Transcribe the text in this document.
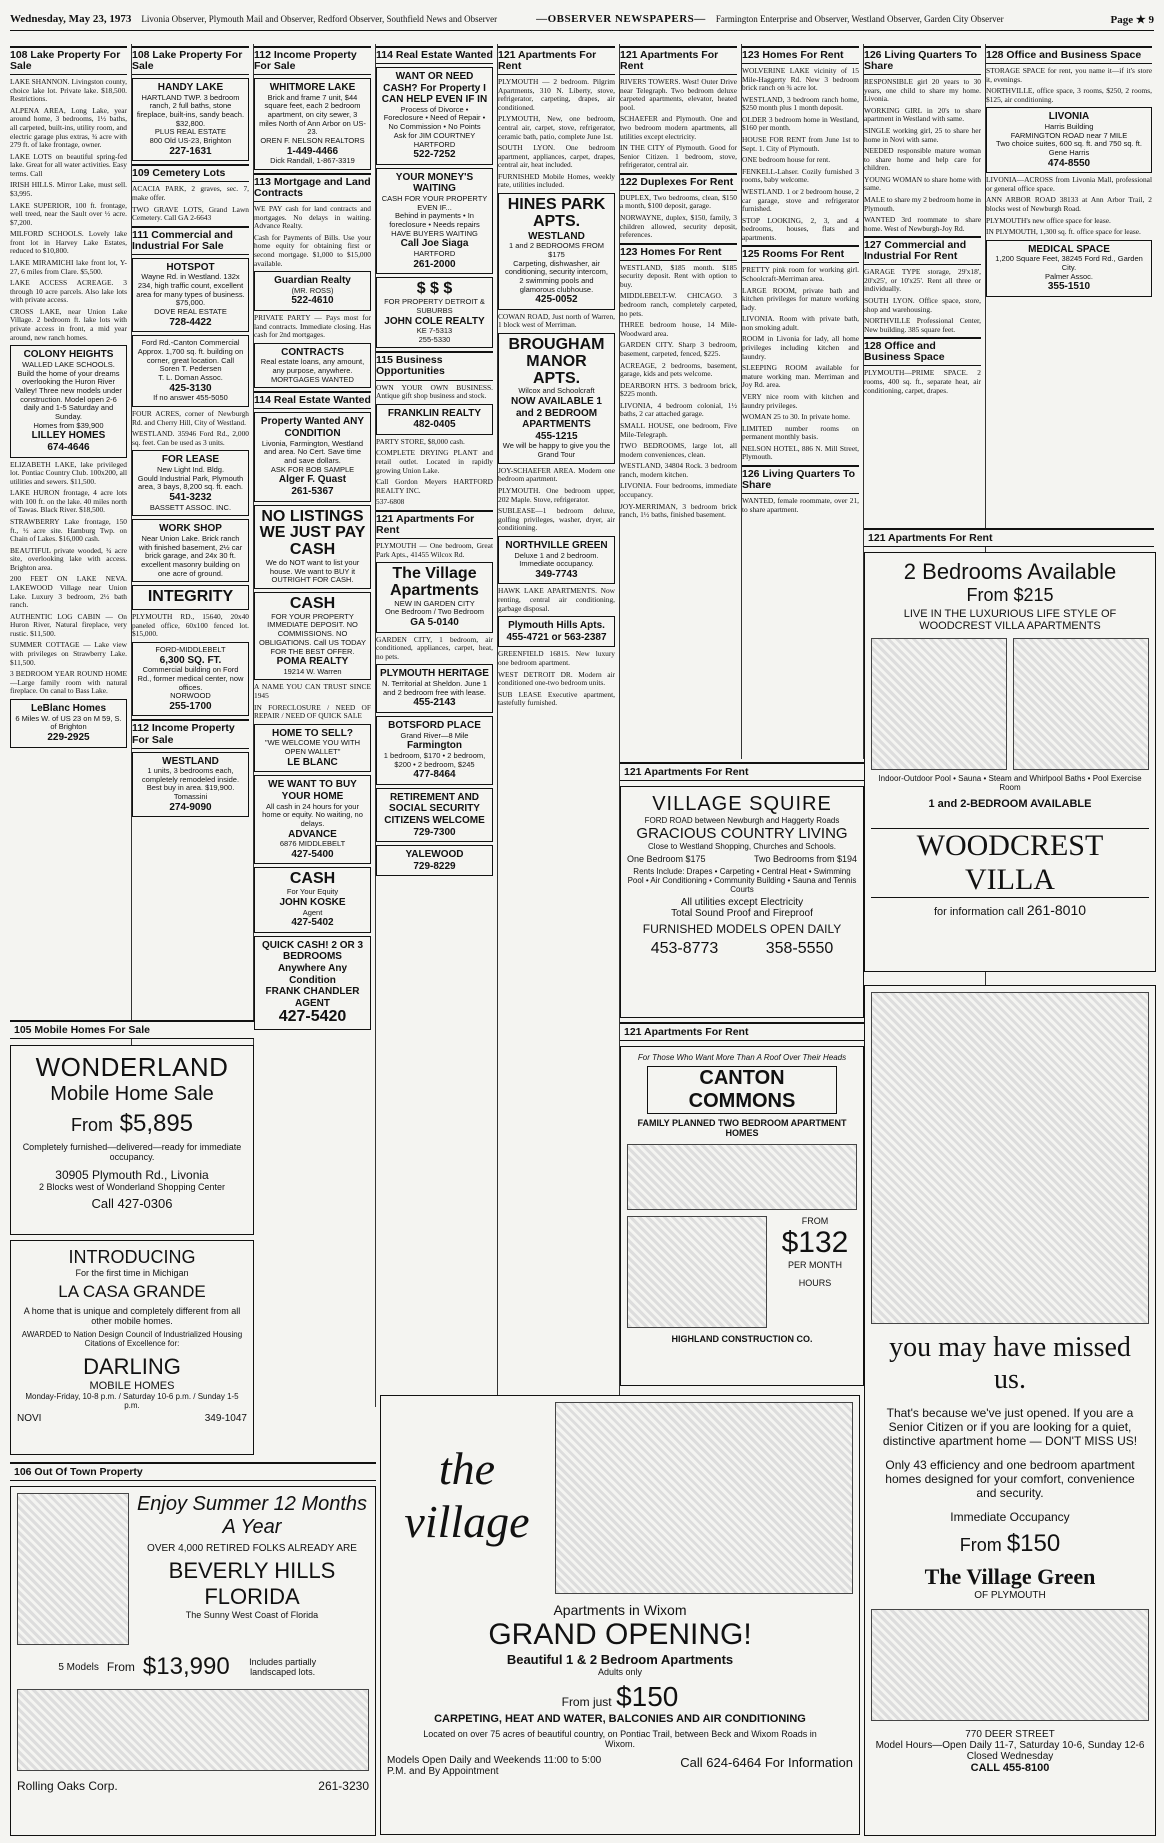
Wednesday, May 23, 1973 Livonia Observer, Plymouth Mail and Observer, Redford Observer, Southfield News and Observer	—OBSERVER NEWSPAPERS— Farmington Enterprise and Observer, Westland Observer, Garden City Observer	Page ★ 9
108 Lake Property For Sale

LAKE SHANNON. Livingston county, choice lake lot. Private lake. $18,500. Restrictions.

ALPENA AREA, Long Lake, year around home, 3 bedrooms, 1½ baths, all carpeted, built-ins, utility room, and electric garage plus extras, ¾ acre with 279 ft. of lake frontage, owner.

LAKE LOTS on beautiful spring-fed lake. Great for all water activities. Easy terms. Call

IRISH HILLS. Mirror Lake, must sell. $3,995.

LAKE SUPERIOR, 100 ft. frontage, well treed, near the Sault over ½ acre. $7,200.

MILFORD SCHOOLS. Lovely lake front lot in Harvey Lake Estates, reduced to $10,800.

LAKE MIRAMICHI lake front lot, Y-27, 6 miles from Clare. $5,500.

LAKE ACCESS ACREAGE. 3 through 10 acre parcels. Also lake lots with private access.

CROSS LAKE, near Union Lake Village. 2 bedroom ft. lake lots with private access in front, a mid year around, new ranch homes.

COLONY HEIGHTS
WALLED LAKE SCHOOLS. Build the home of your dreams overlooking the Huron River Valley! Three new models under construction. Model open 2-6 daily and 1-5 Saturday and Sunday.
Homes from $39,900
LILLEY HOMES
674-4646

ELIZABETH LAKE, lake privileged lot. Pontiac Country Club. 100x200, all utilities and sewers. $11,500.

LAKE HURON frontage, 4 acre lots with 100 ft. on the lake. 40 miles north of Tawas. Black River. $18,500.

STRAWBERRY Lake frontage, 150 ft., ½ acre site. Hamburg Twp. on Chain of Lakes. $16,000 cash.

BEAUTIFUL private wooded, ¾ acre site, overlooking lake with access. Brighton area.

200 FEET ON LAKE NEVA. LAKEWOOD Village near Union Lake. Luxury 3 bedroom, 2½ bath ranch.

AUTHENTIC LOG CABIN — On Huron River, Natural fireplace, very rustic. $11,500.

SUMMER COTTAGE — Lake view with privileges on Strawberry Lake. $11,500.

3 BEDROOM YEAR ROUND HOME—Large family room with natural fireplace. On canal to Bass Lake.

LeBlanc Homes
6 Miles W. of US 23 on M 59, S. of Brighton
229-2925
108 Lake Property For Sale
HANDY LAKE
HARTLAND TWP. 3 bedroom ranch, 2 full baths, stone fireplace, built-ins, sandy beach. $32,800.
PLUS REAL ESTATE
800 Old US-23, Brighton
227-1631
109 Cemetery Lots

ACACIA PARK, 2 graves, sec. 7, make offer.

TWO GRAVE LOTS, Grand Lawn Cemetery. Call GA 2-6643

111 Commercial and Industrial For Sale
HOTSPOT
Wayne Rd. in Westland. 132x 234, high traffic count, excellent area for many types of business. $75,000.
DOVE REAL ESTATE
728-4422
Ford Rd.-Canton Commercial
Approx. 1,700 sq. ft. building on corner, great location. Call
Soren T. Pedersen
T. L. Doman Assoc.
425-3130
If no answer 455-5050

FOUR ACRES, corner of Newburgh Rd. and Cherry Hill, City of Westland.

WESTLAND. 35946 Ford Rd., 2,000 sq. feet. Can be used as 3 units.

FOR LEASE
New Light Ind. Bldg.
Gould Industrial Park, Plymouth area, 3 bays, 8,200 sq. ft. each.
541-3232
BASSETT ASSOC. INC.
WORK SHOP
Near Union Lake. Brick ranch with finished basement, 2½ car brick garage, and 24x 30 ft. excellent masonry building on one acre of ground.
INTEGRITY

PLYMOUTH RD., 15640, 20x40 paneled office, 60x100 fenced lot. $15,000.

FORD-MIDDLEBELT
6,300 SQ. FT.
Commercial building on Ford Rd., former medical center, now offices.
NORWOOD
255-1700
112 Income Property For Sale
WESTLAND
1 units, 3 bedrooms each, completely remodeled inside. Best buy in area. $19,900.
Tomassini
274-9090
112 Income Property For Sale
WHITMORE LAKE
Brick and frame 7 unit, $44 square feet, each 2 bedroom apartment, on city sewer, 3 miles North of Ann Arbor on US-23.
OREN F. NELSON REALTORS
1-449-4466
Dick Randall, 1-867-3319
113 Mortgage and Land Contracts

WE PAY cash for land contracts and mortgages. No delays in waiting. Advance Realty.

Cash for Payments of Bills. Use your home equity for obtaining first or second mortgage. $1,000 to $15,000 available.

Guardian Realty
(MR. ROSS)
522-4610

PRIVATE PARTY — Pays most for land contracts. Immediate closing. Has cash for 2nd mortgages.

CONTRACTS
Real estate loans, any amount, any purpose, anywhere.
MORTGAGES WANTED
114 Real Estate Wanted
Property Wanted ANY CONDITION
Livonia, Farmington, Westland and area. No Cert. Save time and save dollars.
ASK FOR BOB SAMPLE
Alger F. Quast
261-5367
NO LISTINGS WE JUST PAY CASH
We do NOT want to list your house. We want to BUY it OUTRIGHT FOR CASH.
CASH
FOR YOUR PROPERTY
IMMEDIATE DEPOSIT. NO COMMISSIONS. NO OBLIGATIONS. Call US TODAY FOR THE BEST OFFER.
POMA REALTY
19214 W. Warren

A NAME YOU CAN TRUST SINCE 1945

IN FORECLOSURE / NEED OF REPAIR / NEED OF QUICK SALE

HOME TO SELL?
"WE WELCOME YOU WITH OPEN WALLET"
LE BLANC
WE WANT TO BUY YOUR HOME
All cash in 24 hours for your home or equity. No waiting, no delays.
ADVANCE
6876 MIDDLEBELT
427-5400
CASH
For Your Equity
JOHN KOSKE
Agent
427-5402
QUICK CASH! 2 OR 3 BEDROOMS Anywhere Any Condition
FRANK CHANDLER AGENT
427-5420
114 Real Estate Wanted
WANT OR NEED CASH? For Property I CAN HELP EVEN IF IN
Process of Divorce • Foreclosure • Need of Repair • No Commission • No Points
Ask for JIM COURTNEY
HARTFORD
522-7252
YOUR MONEY'S WAITING
CASH FOR YOUR PROPERTY EVEN IF...
Behind in payments • In foreclosure • Needs repairs
HAVE BUYERS WAITING
Call Joe Siaga
HARTFORD
261-2000
$ $ $
FOR PROPERTY DETROIT & SUBURBS
JOHN COLE REALTY
KE 7-5313
255-5330
115 Business Opportunities

OWN YOUR OWN BUSINESS. Antique gift shop business and stock.

FRANKLIN REALTY
482-0405

PARTY STORE, $8,000 cash.

COMPLETE DRYING PLANT and retail outlet. Located in rapidly growing Union Lake.

Call Gordon Meyers HARTFORD REALTY INC.

537-6808

121 Apartments For Rent

PLYMOUTH — One bedroom, Great Park Apts., 41455 Wilcox Rd.

The Village Apartments
NEW IN GARDEN CITY
One Bedroom / Two Bedroom
GA 5-0140

GARDEN CITY, 1 bedroom, air conditioned, appliances, carpet, heat, no pets.

PLYMOUTH HERITAGE
N. Territorial at Sheldon. June 1 and 2 bedroom free with lease.
455-2143
BOTSFORD PLACE
Grand River—8 Mile
Farmington
1 bedroom, $170 • 2 bedroom, $200 • 2 bedroom, $245
477-8464
RETIREMENT AND SOCIAL SECURITY CITIZENS WELCOME
729-7300
YALEWOOD
729-8229
121 Apartments For Rent

PLYMOUTH — 2 bedroom. Pilgrim Apartments, 310 N. Liberty, stove, refrigerator, carpeting, drapes, air conditioned.

PLYMOUTH, New, one bedroom, central air, carpet, stove, refrigerator, ceramic bath, patio, complete June 1st.

SOUTH LYON. One bedroom apartment, appliances, carpet, drapes, central air, heat included.

FURNISHED Mobile Homes, weekly rate, utilities included.

HINES PARK APTS.
WESTLAND
1 and 2 BEDROOMS FROM $175
Carpeting, dishwasher, air conditioning, security intercom, 2 swimming pools and glamorous clubhouse.
425-0052

COWAN ROAD, Just north of Warren, 1 block west of Merriman.

BROUGHAM MANOR APTS.
Wilcox and Schoolcraft
NOW AVAILABLE 1 and 2 BEDROOM APARTMENTS
455-1215
We will be happy to give you the Grand Tour

JOY-SCHAEFER AREA. Modern one bedroom apartment.

PLYMOUTH. One bedroom upper, 202 Maple. Stove, refrigerator.

SUBLEASE—1 bedroom deluxe, golfing privileges, washer, dryer, air conditioning.

NORTHVILLE GREEN
Deluxe 1 and 2 bedroom. Immediate occupancy.
349-7743

HAWK LAKE APARTMENTS. Now renting, central air conditioning, garbage disposal.

Plymouth Hills Apts.
455-4721 or 563-2387

GREENFIELD 16815. New luxury one bedroom apartment.

WEST DETROIT DR. Modern air conditioned one-two bedroom units.

SUB LEASE Executive apartment, tastefully furnished.

121 Apartments For Rent

RIVERS TOWERS. West! Outer Drive near Telegraph. Two bedroom deluxe carpeted apartments, elevator, heated pool.

SCHAEFER and Plymouth. One and two bedroom modern apartments, all utilities except electricity.

IN THE CITY of Plymouth. Good for Senior Citizen. 1 bedroom, stove, refrigerator, central air.

122 Duplexes For Rent

DUPLEX, Two bedrooms, clean, $150 a month, $100 deposit, garage.

NORWAYNE, duplex, $150, family, 3 children allowed, security deposit, references.

123 Homes For Rent

WESTLAND, $185 month. $185 security deposit. Rent with option to buy.

MIDDLEBELT-W. CHICAGO. 3 bedroom ranch, completely carpeted, no pets.

THREE bedroom house, 14 Mile-Woodward area.

GARDEN CITY. Sharp 3 bedroom, basement, carpeted, fenced, $225.

ACREAGE, 2 bedrooms, basement, garage, kids and pets welcome.

DEARBORN HTS. 3 bedroom brick, $225 month.

LIVONIA, 4 bedroom colonial, 1½ baths, 2 car attached garage.

SMALL HOUSE, one bedroom, Five Mile-Telegraph.

TWO BEDROOMS, large lot, all modern conveniences, clean.

WESTLAND, 34804 Rock. 3 bedroom ranch, modern kitchen.

LIVONIA. Four bedrooms, immediate occupancy.

JOY-MERRIMAN, 3 bedroom brick ranch, 1½ baths, finished basement.

123 Homes For Rent

WOLVERINE LAKE vicinity of 15 Mile-Haggerty Rd. New 3 bedroom brick ranch on ¾ acre lot.

WESTLAND, 3 bedroom ranch home, $250 month plus 1 month deposit.

OLDER 3 bedroom home in Westland, $160 per month.

HOUSE FOR RENT from June 1st to Sept. 1. City of Plymouth.

ONE bedroom house for rent.

FENKELL-Lahser. Cozily furnished 3 rooms, baby welcome.

WESTLAND. 1 or 2 bedroom house, 2 car garage, stove and refrigerator furnished.

STOP LOOKING, 2, 3, and 4 bedrooms, houses, flats and apartments.

125 Rooms For Rent

PRETTY pink room for working girl. Schoolcraft-Merriman area.

LARGE ROOM, private bath and kitchen privileges for mature working lady.

LIVONIA. Room with private bath, non smoking adult.

ROOM in Livonia for lady, all home privileges including kitchen and laundry.

SLEEPING ROOM available for mature working man. Merriman and Joy Rd. area.

VERY nice room with kitchen and laundry privileges.

WOMAN 25 to 30. In private home.

LIMITED number rooms on permanent monthly basis.

NELSON HOTEL, 886 N. Mill Street, Plymouth.

126 Living Quarters To Share

WANTED, female roommate, over 21, to share apartment.

126 Living Quarters To Share

RESPONSIBLE girl 20 years to 30 years, one child to share my home. Livonia.

WORKING GIRL in 20's to share apartment in Westland with same.

SINGLE working girl, 25 to share her home in Novi with same.

NEEDED responsible mature woman to share home and help care for children.

YOUNG WOMAN to share home with same.

MALE to share my 2 bedroom home in Plymouth.

WANTED 3rd roommate to share home. West of Newburgh-Joy Rd.

127 Commercial and Industrial For Rent

GARAGE TYPE storage, 29'x18', 20'x25', or 10'x25'. Rent all three or individually.

SOUTH LYON. Office space, store, shop and warehousing.

NORTHVILLE Professional Center, New building. 385 square feet.

128 Office and Business Space

PLYMOUTH—PRIME SPACE. 2 rooms, 400 sq. ft., separate heat, air conditioning, carpet, drapes.

128 Office and Business Space

STORAGE SPACE for rent, you name it—if it's store it, evenings.

NORTHVILLE, office space, 3 rooms, $250, 2 rooms, $125, air conditioning.

LIVONIA
Harris Building
FARMINGTON ROAD near 7 MILE
Two choice suites, 600 sq. ft. and 750 sq. ft.
Gene Harris
474-8550

LIVONIA—ACROSS from Livonia Mall, professional or general office space.

ANN ARBOR ROAD 38133 at Ann Arbor Trail, 2 blocks west of Newburgh Road.

PLYMOUTH's new office space for lease.

IN PLYMOUTH, 1,300 sq. ft. office space for lease.

MEDICAL SPACE
1,200 Square Feet, 38245 Ford Rd., Garden City.
Palmer Assoc.
355-1510
121 Apartments For Rent
VILLAGE SQUIRE
FORD ROAD between Newburgh and Haggerty Roads
GRACIOUS COUNTRY LIVING
Close to Westland Shopping, Churches and Schools.
One Bedroom $175	Two Bedrooms from $194
Rents Include: Drapes • Carpeting • Central Heat • Swimming Pool • Air Conditioning • Community Building • Sauna and Tennis Courts
All utilities except Electricity
Total Sound Proof and Fireproof
FURNISHED MODELS OPEN DAILY
453-8773	358-5550
121 Apartments For Rent
For Those Who Want More Than A Roof Over Their Heads
CANTON COMMONS
FAMILY PLANNED TWO BEDROOM APARTMENT HOMES
FROM
$132
PER MONTH
HOURS
HIGHLAND CONSTRUCTION CO.
121 Apartments For Rent
2 Bedrooms Available
From $215
LIVE IN THE LUXURIOUS LIFE STYLE OF WOODCREST VILLA APARTMENTS
Indoor-Outdoor Pool • Sauna • Steam and Whirlpool Baths • Pool Exercise Room
1 and 2-BEDROOM AVAILABLE
WOODCREST VILLA
for information call 261-8010
you may have missed us.
That's because we've just opened. If you are a Senior Citizen or if you are looking for a quiet, distinctive apartment home — DON'T MISS US!
Only 43 efficiency and one bedroom apartment homes designed for your comfort, convenience and security.
Immediate Occupancy
From $150
The Village Green
OF PLYMOUTH
770 DEER STREET
Model Hours—Open Daily 11-7, Saturday 10-6, Sunday 12-6
Closed Wednesday
CALL 455-8100
105 Mobile Homes For Sale
WONDERLAND
Mobile Home Sale
From $5,895
Completely furnished—delivered—ready for immediate occupancy.
30905 Plymouth Rd., Livonia
2 Blocks west of Wonderland Shopping Center
Call 427-0306
INTRODUCING
For the first time in Michigan
LA CASA GRANDE
A home that is unique and completely different from all other mobile homes.
AWARDED to Nation Design Council of Industrialized Housing Citations of Excellence for:
DARLING
MOBILE HOMES
Monday-Friday, 10-8 p.m. / Saturday 10-6 p.m. / Sunday 1-5 p.m.
NOVI	349-1047
106 Out Of Town Property
Enjoy Summer 12 Months A Year
OVER 4,000 RETIRED FOLKS ALREADY ARE
BEVERLY HILLS FLORIDA
The Sunny West Coast of Florida
5 Models From $13,990	Includes partially landscaped lots.
Rolling Oaks Corp.	261-3230
the village
Apartments in Wixom
GRAND OPENING!
Beautiful 1 & 2 Bedroom Apartments
Adults only
From just $150
CARPETING, HEAT AND WATER, BALCONIES AND AIR CONDITIONING
Located on over 75 acres of beautiful country, on Pontiac Trail, between Beck and Wixom Roads in Wixom.
Models Open Daily and Weekends 11:00 to 5:00 P.M. and By Appointment
Call 624-6464 For Information
